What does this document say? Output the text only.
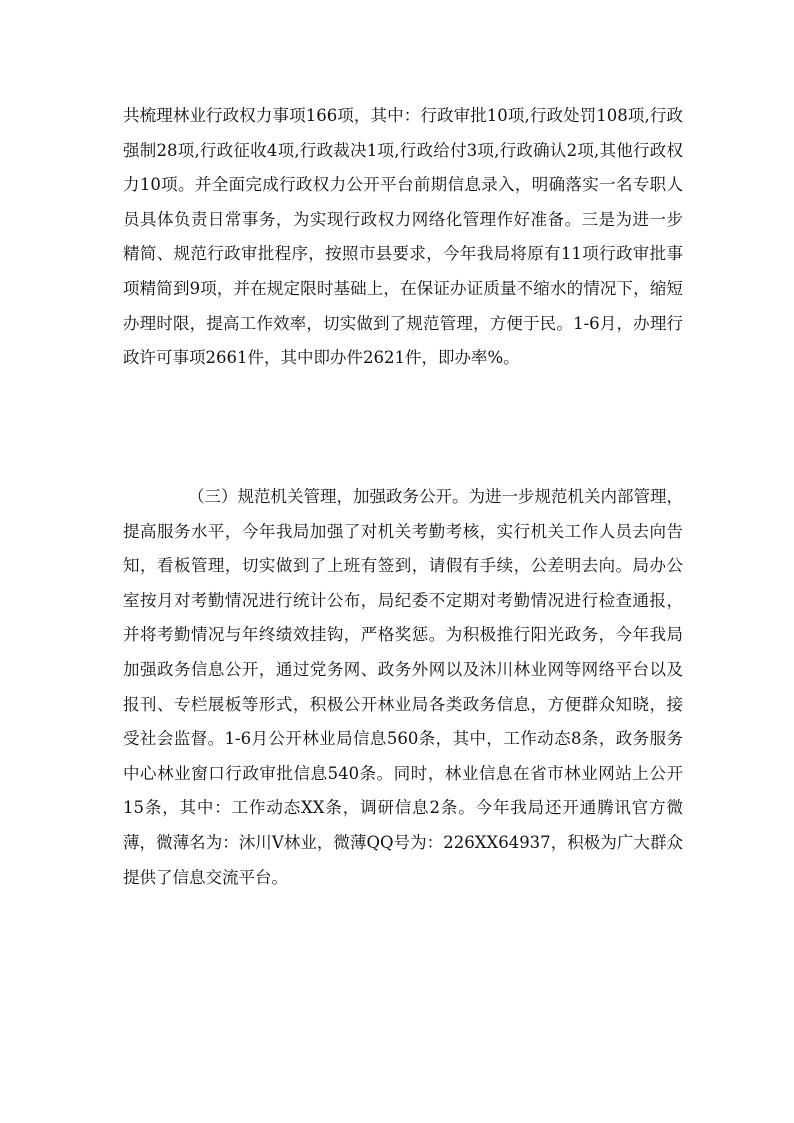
共梳理林业行政权力事项166项，其中：行政审批10项,行政处罚108项,行政强制28项,行政征收4项,行政裁决1项,行政给付3项,行政确认2项,其他行政权力10项。并全面完成行政权力公开平台前期信息录入，明确落实一名专职人员具体负责日常事务，为实现行政权力网络化管理作好准备。三是为进一步精简、规范行政审批程序，按照市县要求，今年我局将原有11项行政审批事项精简到9项，并在规定限时基础上，在保证办证质量不缩水的情况下，缩短办理时限，提高工作效率，切实做到了规范管理，方便于民。1-6月，办理行政许可事项2661件，其中即办件2621件，即办率%。

（三）规范机关管理，加强政务公开。为进一步规范机关内部管理，提高服务水平，今年我局加强了对机关考勤考核，实行机关工作人员去向告知，看板管理，切实做到了上班有签到，请假有手续，公差明去向。局办公室按月对考勤情况进行统计公布，局纪委不定期对考勤情况进行检查通报，并将考勤情况与年终绩效挂钩，严格奖惩。为积极推行阳光政务，今年我局加强政务信息公开，通过党务网、政务外网以及沐川林业网等网络平台以及报刊、专栏展板等形式，积极公开林业局各类政务信息，方便群众知晓，接受社会监督。1-6月公开林业局信息560条，其中，工作动态8条，政务服务中心林业窗口行政审批信息540条。同时，林业信息在省市林业网站上公开15条，其中：工作动态XX条，调研信息2条。今年我局还开通腾讯官方微薄，微薄名为：沐川V林业，微薄QQ号为：226XX64937，积极为广大群众提供了信息交流平台。
